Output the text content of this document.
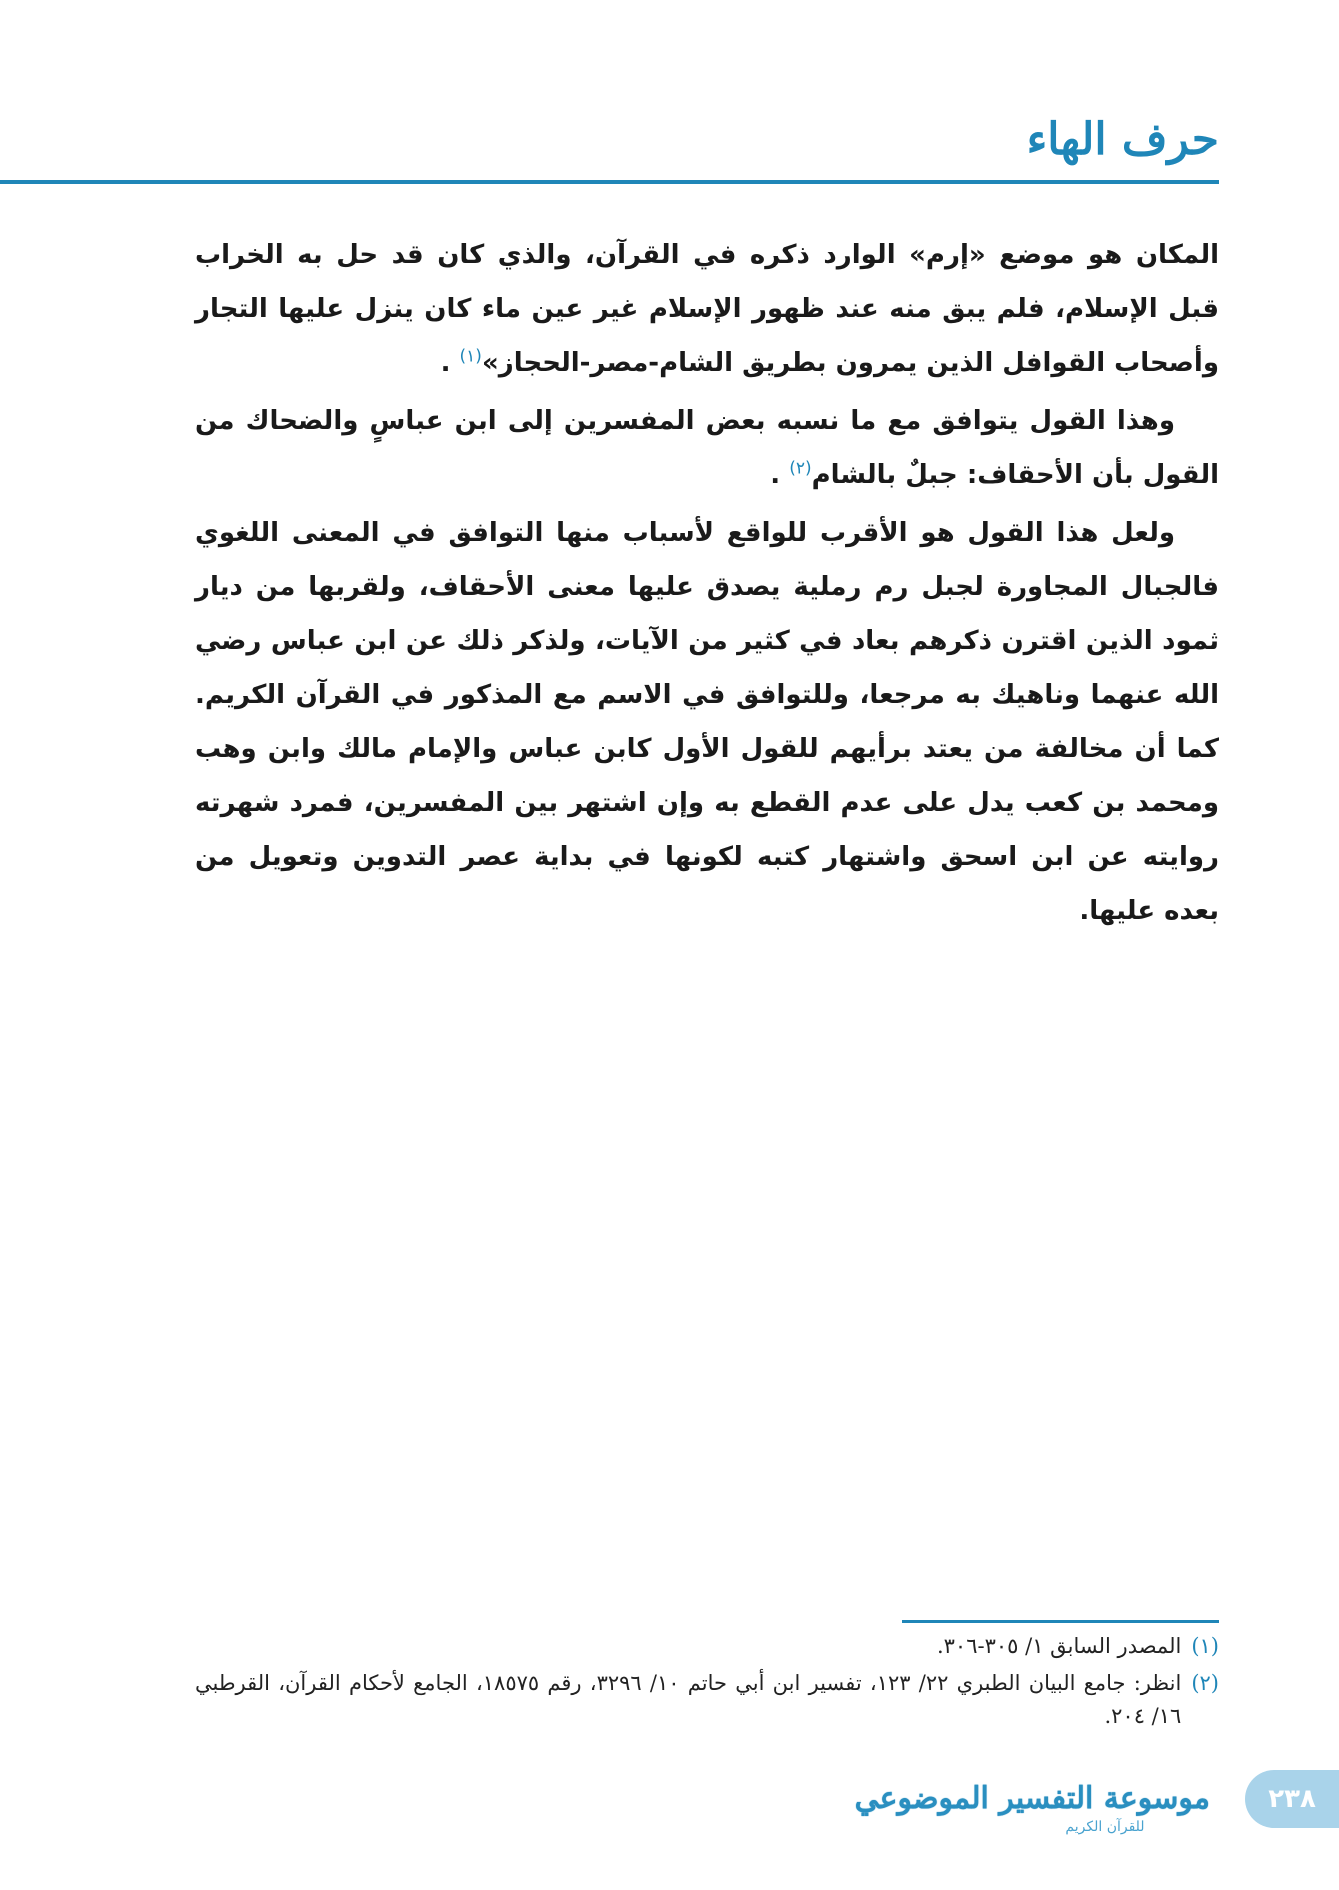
حرف الهاء

المكان هو موضع «إرم» الوارد ذكره في القرآن، والذي كان قد حل به الخراب قبل الإسلام، فلم يبق منه عند ظهور الإسلام غير عين ماء كان ينزل عليها التجار وأصحاب القوافل الذين يمرون بطريق الشام-مصر-الحجاز»$^{(١)}$ .

وهذا القول يتوافق مع ما نسبه بعض المفسرين إلى ابن عباسٍ والضحاك من القول بأن الأحقاف: جبلٌ بالشام$^{(٢)}$ .

ولعل هذا القول هو الأقرب للواقع لأسباب منها التوافق في المعنى اللغوي فالجبال المجاورة لجبل رم رملية يصدق عليها معنى الأحقاف، ولقربها من ديار ثمود الذين اقترن ذكرهم بعاد في كثير من الآيات، ولذكر ذلك عن ابن عباس رضي الله عنهما وناهيك به مرجعا، وللتوافق في الاسم مع المذكور في القرآن الكريم. كما أن مخالفة من يعتد برأيهم للقول الأول كابن عباس والإمام مالك وابن وهب ومحمد بن كعب يدل على عدم القطع به وإن اشتهر بين المفسرين، فمرد شهرته روايته عن ابن اسحق واشتهار كتبه لكونها في بداية عصر التدوين وتعويل من بعده عليها.

(١)
المصدر السابق ١/ ٣٠٥-٣٠٦.
(٢)
انظر: جامع البيان الطبري ٢٢/ ١٢٣، تفسير ابن أبي حاتم ١٠/ ٣٢٩٦، رقم ١٨٥٧٥، الجامع لأحكام القرآن، القرطبي ١٦/ ٢٠٤.
موسوعة التفسير الموضوعي
للقرآن الكريم
٢٣٨
